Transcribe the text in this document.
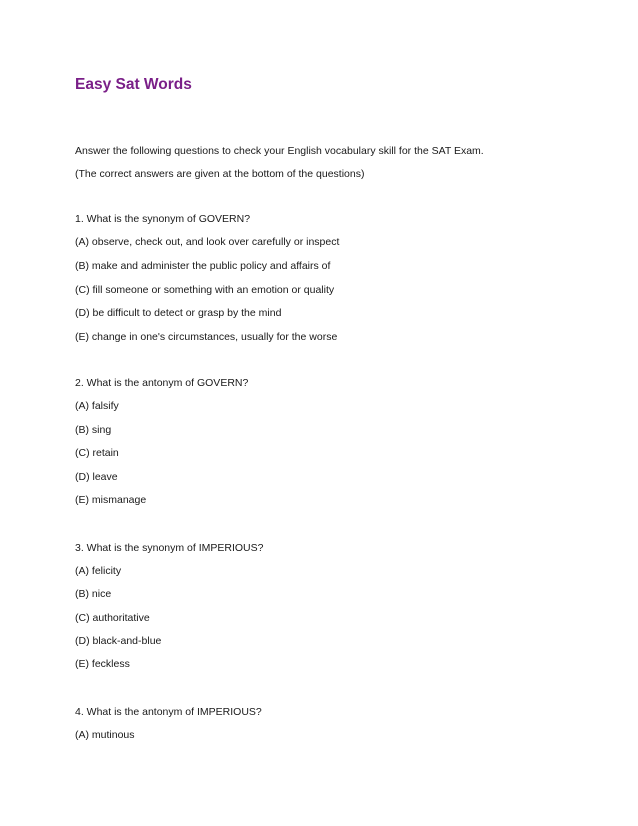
Easy Sat Words

Answer the following questions to check your English vocabulary skill for the SAT Exam.

(The correct answers are given at the bottom of the questions)

1. What is the synonym of GOVERN?

(A) observe, check out, and look over carefully or inspect

(B) make and administer the public policy and affairs of

(C) fill someone or something with an emotion or quality

(D) be difficult to detect or grasp by the mind

(E) change in one's circumstances, usually for the worse

2. What is the antonym of GOVERN?

(A) falsify

(B) sing

(C) retain

(D) leave

(E) mismanage

3. What is the synonym of IMPERIOUS?

(A) felicity

(B) nice

(C) authoritative

(D) black-and-blue

(E) feckless

4. What is the antonym of IMPERIOUS?

(A) mutinous
